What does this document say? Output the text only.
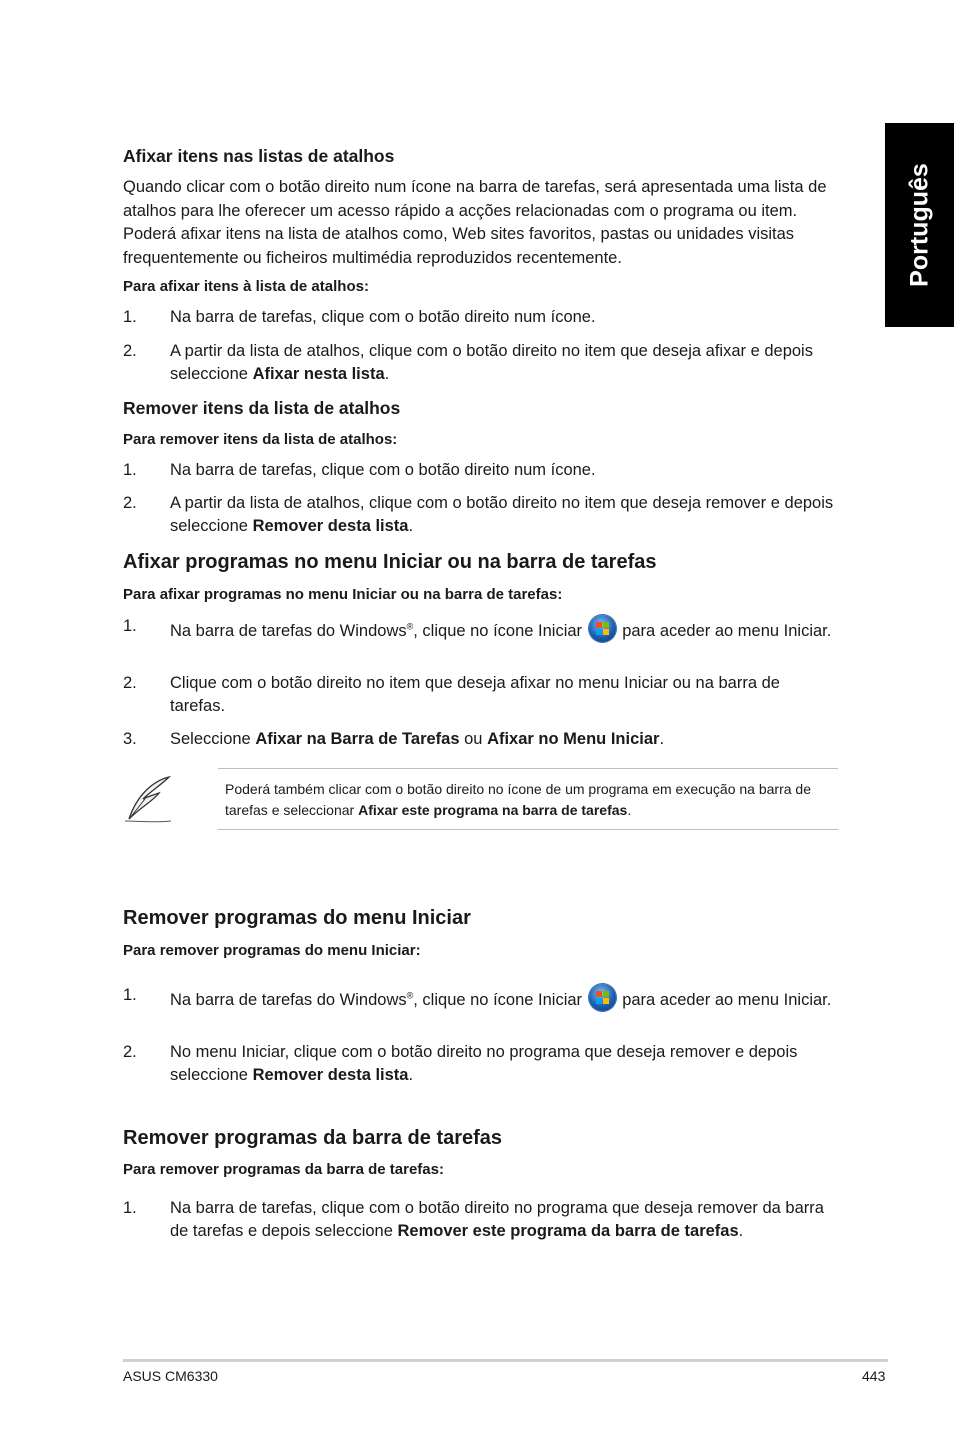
Português
Afixar itens nas listas de atalhos
Quando clicar com o botão direito num ícone na barra de tarefas, será apresentada uma lista de atalhos para lhe oferecer um acesso rápido a acções relacionadas com o programa ou item. Poderá afixar itens na lista de atalhos como, Web sites favoritos, pastas ou unidades visitas frequentemente ou ficheiros multimédia reproduzidos recentemente.
Para afixar itens à lista de atalhos:
1. Na barra de tarefas, clique com o botão direito num ícone.
2. A partir da lista de atalhos, clique com o botão direito no item que deseja afixar e depois seleccione Afixar nesta lista.
Remover itens da lista de atalhos
Para remover itens da lista de atalhos:
1. Na barra de tarefas, clique com o botão direito num ícone.
2. A partir da lista de atalhos, clique com o botão direito no item que deseja remover e depois seleccione Remover desta lista.
Afixar programas no menu Iniciar ou na barra de tarefas
Para afixar programas no menu Iniciar ou na barra de tarefas:
1. Na barra de tarefas do Windows®, clique no ícone Iniciar
para aceder ao menu Iniciar.
2. Clique com o botão direito no item que deseja afixar no menu Iniciar ou na barra de tarefas.
3. Seleccione Afixar na Barra de Tarefas ou Afixar no Menu Iniciar.
Poderá também clicar com o botão direito no ícone de um programa em execução na barra de tarefas e seleccionar Afixar este programa na barra de tarefas.
Remover programas do menu Iniciar
Para remover programas do menu Iniciar:
1. Na barra de tarefas do Windows®, clique no ícone Iniciar
para aceder ao menu Iniciar.
2. No menu Iniciar, clique com o botão direito no programa que deseja remover e depois seleccione Remover desta lista.
Remover programas da barra de tarefas
Para remover programas da barra de tarefas:
1. Na barra de tarefas, clique com o botão direito no programa que deseja remover da barra de tarefas e depois seleccione Remover este programa da barra de tarefas.
ASUS CM6330	443
